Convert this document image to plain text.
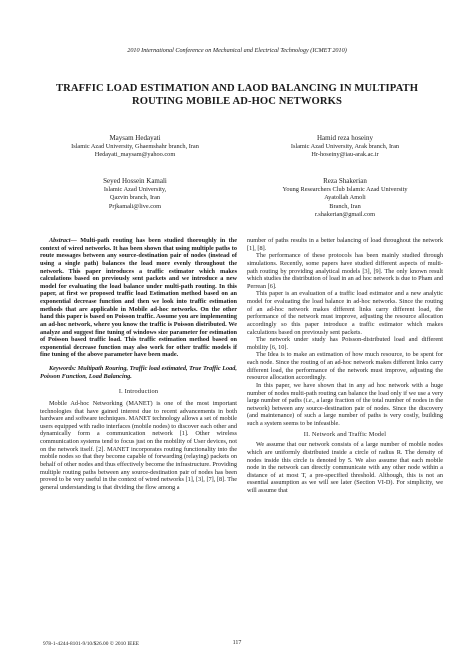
2010 International Conference on Mechanical and Electrical Technology (ICMET 2010)
TRAFFIC LOAD ESTIMATION AND LAOD BALANCING IN MULTIPATH
ROUTING MOBILE AD-HOC NETWORKS
Maysam Hedayati
Islamic Azad University, Ghaemshahr branch, Iran
Hedayati_maysam@yahoo.com
Hamid reza hoseiny
Islamic Azad University, Arak branch, Iran
Hr-hoseiny@iau-arak.ac.ir
Seyed Hossein Kamali
Islamic Azad University,
Qazvin branch, Iran
Prjkamali@live.com
Reza Shakerian
Young Researchers Club Islamic Azad University
Ayatollah Amoli
Branch, Iran
r.shakerian@gmail.com

Abstract— Multi-path routing has been studied thoroughly in the context of wired networks. It has been shown that using multiple paths to route messages between any source-destination pair of nodes (instead of using a single path) balances the load more evenly throughout the network. This paper introduces a traffic estimator which makes calculations based on previously sent packets and we introduce a new model for evaluating the load balance under multi-path routing. In this paper, at first we proposed traffic load Estimation method based on an exponential decrease function and then we look into traffic estimation methods that are applicable in Mobile ad-hoc networks. On the other hand this paper is based on Poisson traffic. Assume you are implementing an ad-hoc network, where you know the traffic is Poisson distributed. We analyze and suggest fine tuning of windows size parameter for estimation of Poisson based traffic load. This traffic estimation method based on exponential decrease function may also work for other traffic models if fine tuning of the above parameter have been made.

Keywords: Multipath Rouring, Traffic load estimated, True Traffic Load, Poisson Function, Load Balancing.

I. Introduction

Mobile Ad-hoc Networking (MANET) is one of the most important technologies that have gained interest due to recent advancements in both hardware and software techniques. MANET technology allows a set of mobile users equipped with radio interfaces (mobile nodes) to discover each other and dynamically form a communication network [1]. Other wireless communication systems tend to focus just on the mobility of User devices, not on the network itself. [2]. MANET incorporates routing functionality into the mobile nodes so that they become capable of forwarding (relaying) packets on behalf of other nodes and thus effectively become the infrastructure. Providing multiple routing paths between any source-destination pair of nodes has been proved to be very useful in the context of wired networks [1], [3], [7], [8]. The general understanding is that dividing the flow among a

number of paths results in a better balancing of load throughout the network [1], [8].

The performance of these protocols has been mainly studied through simulations. Recently, some papers have studied different aspects of multi-path routing by providing analytical models [3], [9]. The only known result which studies the distribution of load in an ad hoc network is due to Pham and Perrean [6].

This paper is an evaluation of a traffic load estimator and a new analytic model for evaluating the load balance in ad-hoc networks. Since the routing of an ad-hoc network makes different links carry different load, the performance of the network must improve, adjusting the resource allocation accordingly so this paper introduce a traffic estimator which makes calculations based on previously sent packets.

The network under study has Poisson-distributed load and different mobility [6, 10].

The Idea is to make an estimation of how much resource, to be spent for each node. Since the routing of an ad-hoc network makes different links carry different load, the performance of the network must improve, adjusting the resource allocation accordingly.

In this paper, we have shown that in any ad hoc network with a huge number of nodes multi-path routing can balance the load only if we use a very large number of paths (i.e., a large fraction of the total number of nodes in the network) between any source-destination pair of nodes. Since the discovery (and maintenance) of such a large number of paths is very costly, building such a system seems to be infeasible.

II. Network and Traffic Model

We assume that our network consists of a large number of mobile nodes which are uniformly distributed inside a circle of radius R. The density of nodes inside this circle is denoted by 5. We also assume that each mobile node in the network can directly communicate with any other node within a distance of at most T, a pre-specified threshold. Although, this is not an essential assumption as we will see later (Section VI-D). For simplicity, we will assume that

978-1-4244-8101-9/10/$26.00 © 2010 IEEE	117
